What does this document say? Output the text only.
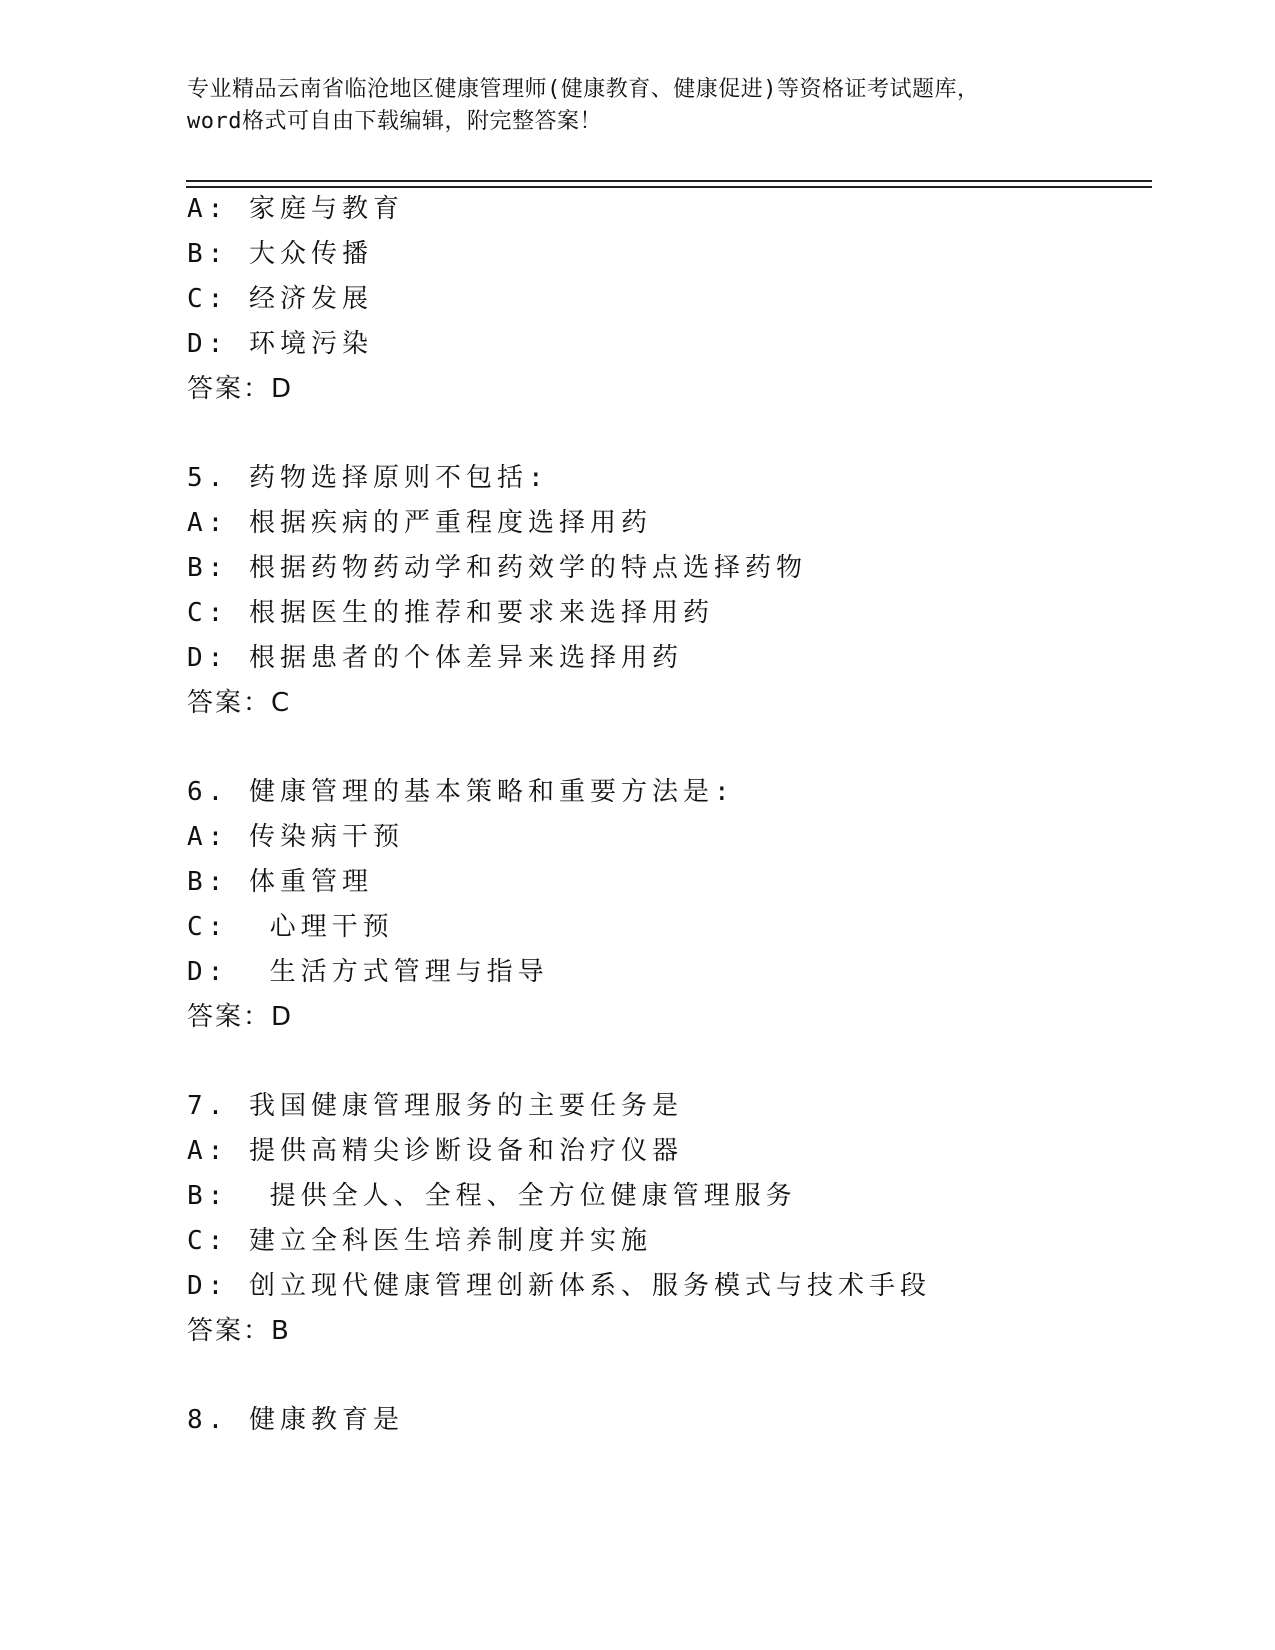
专业精品云南省临沧地区健康管理师(健康教育、健康促进)等资格证考试题库，
word格式可自由下载编辑，附完整答案！
A: 家庭与教育
B: 大众传播
C: 经济发展
D: 环境污染
答案：D
5. 药物选择原则不包括:
A: 根据疾病的严重程度选择用药
B: 根据药物药动学和药效学的特点选择药物
C: 根据医生的推荐和要求来选择用药
D: 根据患者的个体差异来选择用药
答案：C
6. 健康管理的基本策略和重要方法是:
A: 传染病干预
B: 体重管理
C:  心理干预
D:  生活方式管理与指导
答案：D
7. 我国健康管理服务的主要任务是
A: 提供高精尖诊断设备和治疗仪器
B:  提供全人、全程、全方位健康管理服务
C: 建立全科医生培养制度并实施
D: 创立现代健康管理创新体系、服务模式与技术手段
答案：B
8. 健康教育是
